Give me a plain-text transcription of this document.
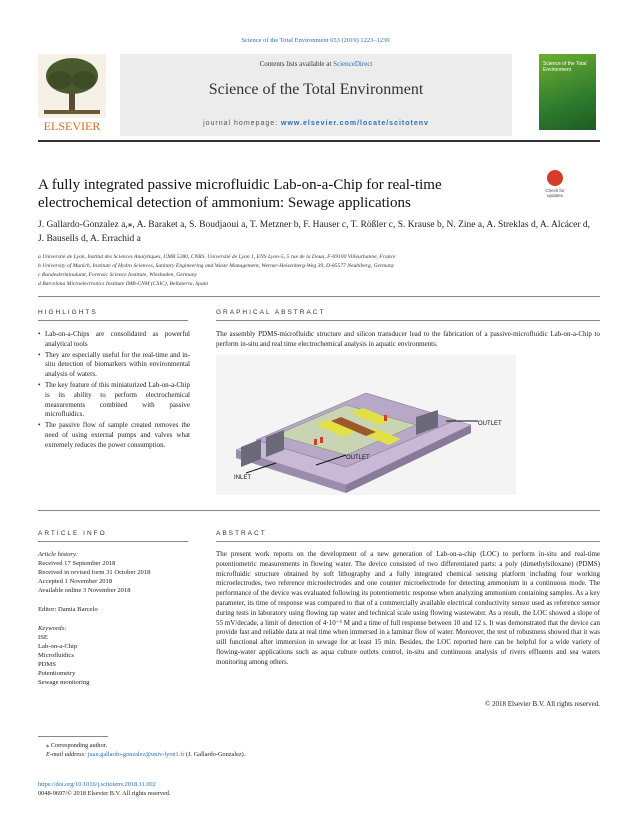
Science of the Total Environment 653 (2019) 1223–1230
ELSEVIER
Contents lists available at ScienceDirect
Science of the Total Environment
journal homepage: www.elsevier.com/locate/scitotenv
Science of the Total Environment
A fully integrated passive microfluidic Lab-on-a-Chip for real-time electrochemical detection of ammonium: Sewage applications
Check for updates
J. Gallardo-Gonzalez a,⁎, A. Baraket a, S. Boudjaoui a, T. Metzner b, F. Hauser c, T. Rößler c, S. Krause b, N. Zine a, A. Streklas d, A. Alcácer d, J. Bausells d, A. Errachid a
a Université de Lyon, Institut des Sciences Analytiques, UMR 5280, CNRS, Université de Lyon 1, ENS Lyon-5, 5 rue de la Doua, F-69100 Villeurbanne, France
b University of Munich, Institute of Hydro Sciences, Sanitary Engineering and Waste Management, Werner-Heisenberg-Weg 39, D-85577 Neubiberg, Germany
c Bundeskriminalamt, Forensic Science Institute, Wiesbaden, Germany
d Barcelona Microelectronics Institute IMB-CNM (CSIC), Bellaterra, Spain
HIGHLIGHTS
• Lab-on-a-Chips are consolidated as powerful analytical tools
• They are especially useful for the real-time and in-situ detection of biomarkers within environmental analysis of waters.
• The key feature of this miniaturized Lab-on-a-Chip is its ability to perform electrochemical measurements combined with passive microfluidics.
• The passive flow of sample created removes the need of using external pumps and valves what extremely reduces the power consumption.
GRAPHICAL ABSTRACT
The assembly PDMS-microfluidic structure and silicon transducer lead to the fabrication of a passive-microfluidic Lab-on-a-Chip to perform in-situ and real time electrochemical analysis in aquatic environments.
OUTLET
OUTLET
INLET
ARTICLE INFO
Article history:
Received 17 September 2018
Received in revised form 31 October 2018
Accepted 1 November 2018
Available online 3 November 2018
Editor: Damia Barcelo
Keywords:
ISE
Lab-on-a-Chip
Microfluidics
PDMS
Potentiometry
Sewage monitoring
ABSTRACT
The present work reports on the development of a new generation of Lab-on-a-chip (LOC) to perform in-situ and real-time potentiometric measurements in flowing water. The device consisted of two differentiated parts: a poly (dimethylsiloxane) (PDMS) microfluidic structure obtained by soft lithography and a fully integrated chemical sensing platform including four working microelectrodes, two reference microelectrodes and one counter microelectrode for detecting ammonium in a continuous mode. The performance of the device was evaluated following its potentiometric response when analyzing ammonium containing samples. As a key parameter, its time of response was compared to that of a commercially available electrical conductivity sensor used as reference sensor during tests in laboratory using flowing tap water and technical scale using flowing wastewater. As a result, the LOC showed a slope of 55 mV/decade, a limit of detection of 4·10⁻⁵ M and a time of full response between 10 and 12 s. It was demonstrated that the device can provide fast and reliable data at real time when immersed in a laminar flow of water. Moreover, the test of robustness showed that it was still functional after immersion in sewage for at least 15 min. Besides, the LOC reported here can be helpful for a wide variety of flowing-water applications such as aqua culture outlets control, in-situ and continuous analysis of rivers effluents and sea waters monitoring among others.
© 2018 Elsevier B.V. All rights reserved.
⁎ Corresponding author.
E-mail address: juan.gallardo-gonzalez@univ-lyon1.fr (J. Gallardo-Gonzalez).
https://doi.org/10.1016/j.scitotenv.2018.11.002
0048-9697/© 2018 Elsevier B.V. All rights reserved.
